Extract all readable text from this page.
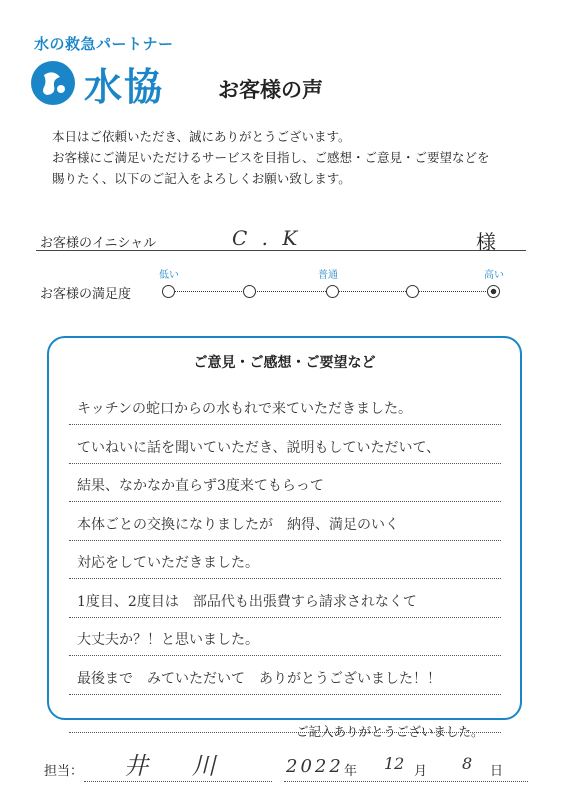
水の救急パートナー
水協	お客様の声
本日はご依頼いただき、誠にありがとうございます。
お客様にご満足いただけるサービスを目指し、ご感想・ご意見・ご要望などを
賜りたく、以下のご記入をよろしくお願い致します。
お客様のイニシャル	C . K	様
お客様の満足度
低い	普通	高い
ご意見・ご感想・ご要望など
キッチンの蛇口からの水もれで来ていただきました。
ていねいに話を聞いていただき、説明もしていただいて、
結果、なかなか直らず3度来てもらって
本体ごとの交換になりましたが　納得、満足のいく
対応をしていただきました。
1度目、2度目は　部品代も出張費すら請求されなくて
大丈夫か？！と思いました。
最後まで　みていただいて　ありがとうございました！！
ご記入ありがとうございました。
担当： 井 川	2022 年 12 月 8 日
